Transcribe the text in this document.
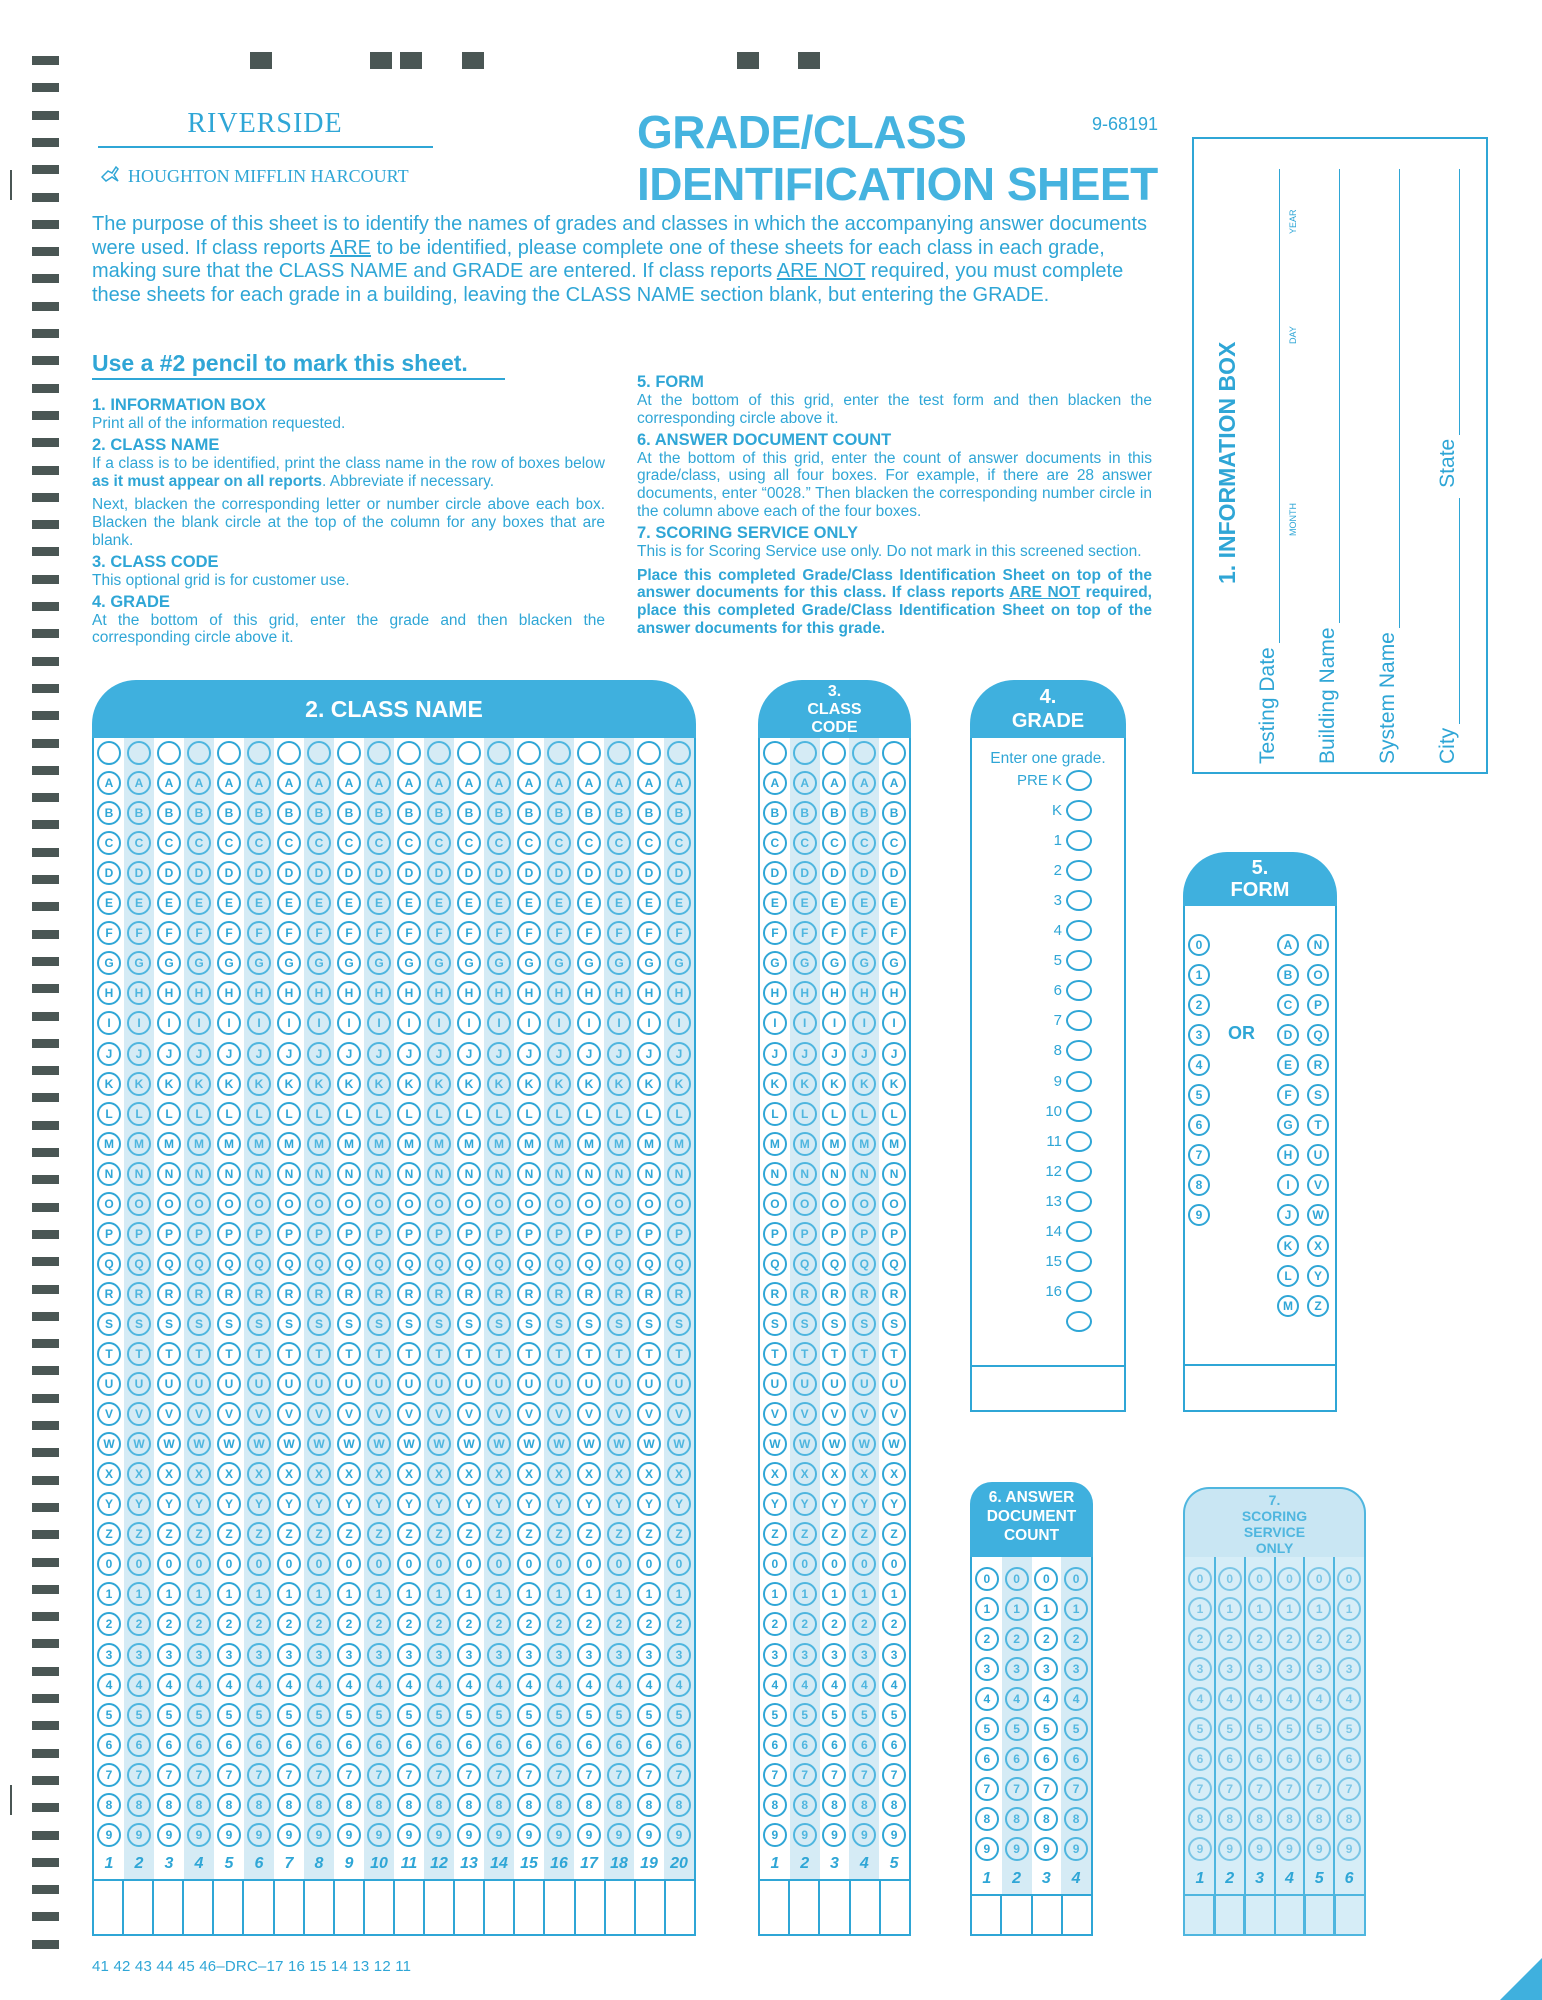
RIVERSIDE
HOUGHTON MIFFLIN HARCOURT
GRADE/CLASS
IDENTIFICATION SHEET
9-68191
The purpose of this sheet is to identify the names of grades and classes in which the accompanying answer documents were used. If class reports ARE to be identified, please complete one of these sheets for each class in each grade, making sure that the CLASS NAME and GRADE are entered. If class reports ARE NOT required, you must complete these sheets for each grade in a building, leaving the CLASS NAME section blank, but entering the GRADE.
Use a #2 pencil to mark this sheet.
1. INFORMATION BOX

Print all of the information requested.

2. CLASS NAME

If a class is to be identified, print the class name in the row of boxes below as it must appear on all reports. Abbreviate if necessary.

Next, blacken the corresponding letter or number circle above each box. Blacken the blank circle at the top of the column for any boxes that are blank.

3. CLASS CODE

This optional grid is for customer use.

4. GRADE

At the bottom of this grid, enter the grade and then blacken the corresponding circle above it.

5. FORM

At the bottom of this grid, enter the test form and then blacken the corresponding circle above it.

6. ANSWER DOCUMENT COUNT

At the bottom of this grid, enter the count of answer documents in this grade/class, using all four boxes. For example, if there are 28 answer documents, enter “0028.” Then blacken the corresponding number circle in the column above each of the four boxes.

7. SCORING SERVICE ONLY

This is for Scoring Service use only. Do not mark in this screened section.

Place this completed Grade/Class Identification Sheet on top of the answer documents for this class. If class reports ARE NOT required, place this completed Grade/Class Identification Sheet on top of the answer documents for this grade.

1. INFORMATION BOX
Testing Date
MONTH
DAY
YEAR
Building Name System Name City
State
2. CLASS NAME
A
B
C
D
E
F
G
H
I
J
K
L
M
N
O
P
Q
R
S
T
U
V
W
X
Y
Z
0
1
2
3
4
5
6
7
8
9
1
A
B
C
D
E
F
G
H
I
J
K
L
M
N
O
P
Q
R
S
T
U
V
W
X
Y
Z
0
1
2
3
4
5
6
7
8
9
2
A
B
C
D
E
F
G
H
I
J
K
L
M
N
O
P
Q
R
S
T
U
V
W
X
Y
Z
0
1
2
3
4
5
6
7
8
9
3
A
B
C
D
E
F
G
H
I
J
K
L
M
N
O
P
Q
R
S
T
U
V
W
X
Y
Z
0
1
2
3
4
5
6
7
8
9
4
A
B
C
D
E
F
G
H
I
J
K
L
M
N
O
P
Q
R
S
T
U
V
W
X
Y
Z
0
1
2
3
4
5
6
7
8
9
5
A
B
C
D
E
F
G
H
I
J
K
L
M
N
O
P
Q
R
S
T
U
V
W
X
Y
Z
0
1
2
3
4
5
6
7
8
9
6
A
B
C
D
E
F
G
H
I
J
K
L
M
N
O
P
Q
R
S
T
U
V
W
X
Y
Z
0
1
2
3
4
5
6
7
8
9
7
A
B
C
D
E
F
G
H
I
J
K
L
M
N
O
P
Q
R
S
T
U
V
W
X
Y
Z
0
1
2
3
4
5
6
7
8
9
8
A
B
C
D
E
F
G
H
I
J
K
L
M
N
O
P
Q
R
S
T
U
V
W
X
Y
Z
0
1
2
3
4
5
6
7
8
9
9
A
B
C
D
E
F
G
H
I
J
K
L
M
N
O
P
Q
R
S
T
U
V
W
X
Y
Z
0
1
2
3
4
5
6
7
8
9
10
A
B
C
D
E
F
G
H
I
J
K
L
M
N
O
P
Q
R
S
T
U
V
W
X
Y
Z
0
1
2
3
4
5
6
7
8
9
11
A
B
C
D
E
F
G
H
I
J
K
L
M
N
O
P
Q
R
S
T
U
V
W
X
Y
Z
0
1
2
3
4
5
6
7
8
9
12
A
B
C
D
E
F
G
H
I
J
K
L
M
N
O
P
Q
R
S
T
U
V
W
X
Y
Z
0
1
2
3
4
5
6
7
8
9
13
A
B
C
D
E
F
G
H
I
J
K
L
M
N
O
P
Q
R
S
T
U
V
W
X
Y
Z
0
1
2
3
4
5
6
7
8
9
14
A
B
C
D
E
F
G
H
I
J
K
L
M
N
O
P
Q
R
S
T
U
V
W
X
Y
Z
0
1
2
3
4
5
6
7
8
9
15
A
B
C
D
E
F
G
H
I
J
K
L
M
N
O
P
Q
R
S
T
U
V
W
X
Y
Z
0
1
2
3
4
5
6
7
8
9
16
A
B
C
D
E
F
G
H
I
J
K
L
M
N
O
P
Q
R
S
T
U
V
W
X
Y
Z
0
1
2
3
4
5
6
7
8
9
17
A
B
C
D
E
F
G
H
I
J
K
L
M
N
O
P
Q
R
S
T
U
V
W
X
Y
Z
0
1
2
3
4
5
6
7
8
9
18
A
B
C
D
E
F
G
H
I
J
K
L
M
N
O
P
Q
R
S
T
U
V
W
X
Y
Z
0
1
2
3
4
5
6
7
8
9
19
A
B
C
D
E
F
G
H
I
J
K
L
M
N
O
P
Q
R
S
T
U
V
W
X
Y
Z
0
1
2
3
4
5
6
7
8
9
20
3.
CLASS
CODE
A
B
C
D
E
F
G
H
I
J
K
L
M
N
O
P
Q
R
S
T
U
V
W
X
Y
Z
0
1
2
3
4
5
6
7
8
9
1
A
B
C
D
E
F
G
H
I
J
K
L
M
N
O
P
Q
R
S
T
U
V
W
X
Y
Z
0
1
2
3
4
5
6
7
8
9
2
A
B
C
D
E
F
G
H
I
J
K
L
M
N
O
P
Q
R
S
T
U
V
W
X
Y
Z
0
1
2
3
4
5
6
7
8
9
3
A
B
C
D
E
F
G
H
I
J
K
L
M
N
O
P
Q
R
S
T
U
V
W
X
Y
Z
0
1
2
3
4
5
6
7
8
9
4
A
B
C
D
E
F
G
H
I
J
K
L
M
N
O
P
Q
R
S
T
U
V
W
X
Y
Z
0
1
2
3
4
5
6
7
8
9
5
4.
GRADE
Enter one grade.
PRE K
K
1
2
3
4
5
6
7
8
9
10
11
12
13
14
15
16
5.
FORM
OR
0
1
2
3
4
5
6
7
8
9
A
B
C
D
E
F
G
H
I
J
K
L
M
N
O
P
Q
R
S
T
U
V
W
X
Y
Z
6. ANSWER
DOCUMENT
COUNT
0
1
2
3
4
5
6
7
8
9
1
0
1
2
3
4
5
6
7
8
9
2
0
1
2
3
4
5
6
7
8
9
3
0
1
2
3
4
5
6
7
8
9
4
7.
SCORING
SERVICE
ONLY
0
1
2
3
4
5
6
7
8
9
1
0
1
2
3
4
5
6
7
8
9
2
0
1
2
3
4
5
6
7
8
9
3
0
1
2
3
4
5
6
7
8
9
4
0
1
2
3
4
5
6
7
8
9
5
0
1
2
3
4
5
6
7
8
9
6
41 42 43 44 45 46–DRC–17 16 15 14 13 12 11
